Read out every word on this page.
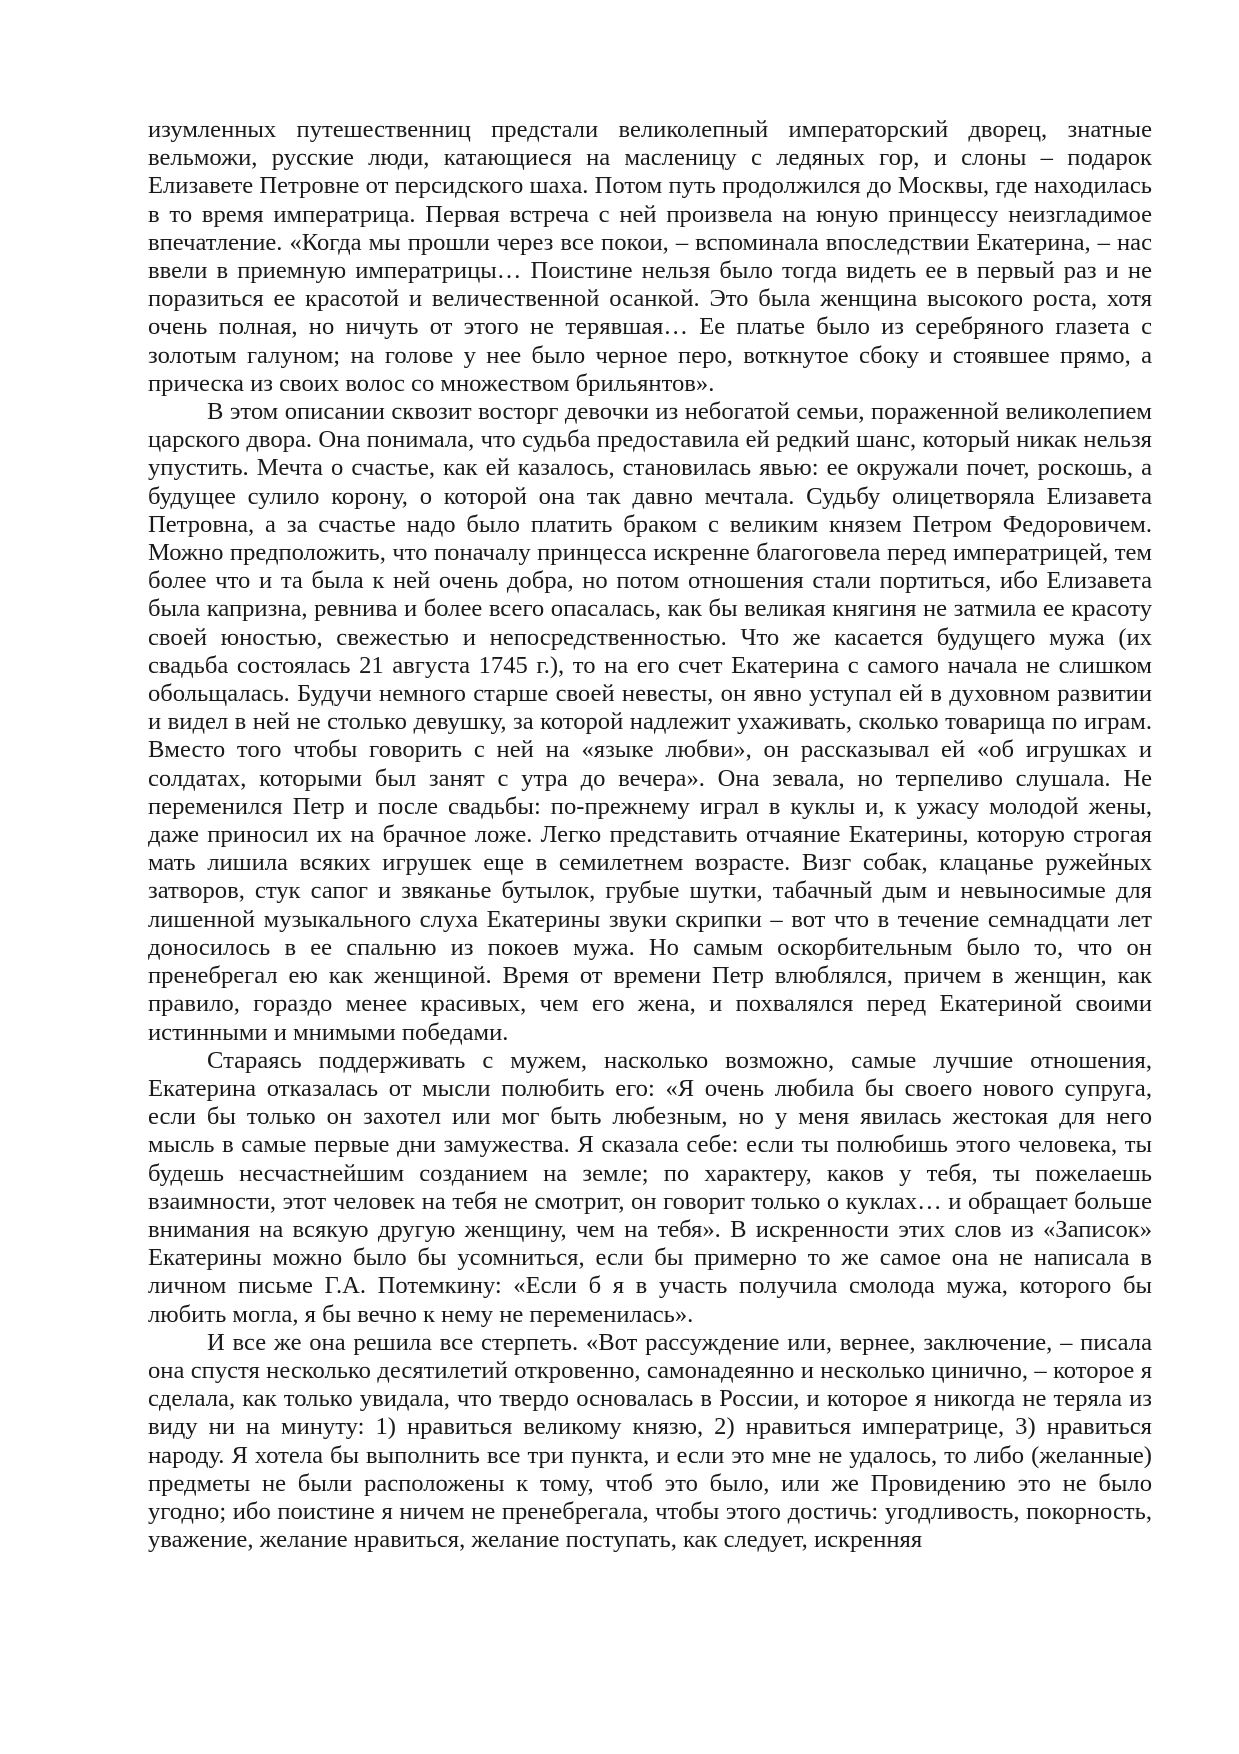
изумленных путешественниц предстали великолепный императорский дворец, знатные вельможи, русские люди, катающиеся на масленицу с ледяных гор, и слоны – подарок Елизавете Петровне от персидского шаха. Потом путь продолжился до Москвы, где находилась в то время императрица. Первая встреча с ней произвела на юную принцессу неизгладимое впечатление. «Когда мы прошли через все покои, – вспоминала впоследствии Екатерина, – нас ввели в приемную императрицы… Поистине нельзя было тогда видеть ее в первый раз и не поразиться ее красотой и величественной осанкой. Это была женщина высокого роста, хотя очень полная, но ничуть от этого не терявшая… Ее платье было из серебряного глазета с золотым галуном; на голове у нее было черное перо, воткнутое сбоку и стоявшее прямо, а прическа из своих волос со множеством брильянтов».

В этом описании сквозит восторг девочки из небогатой семьи, пораженной великолепием царского двора. Она понимала, что судьба предоставила ей редкий шанс, который никак нельзя упустить. Мечта о счастье, как ей казалось, становилась явью: ее окружали почет, роскошь, а будущее сулило корону, о которой она так давно мечтала. Судьбу олицетворяла Елизавета Петровна, а за счастье надо было платить браком с великим князем Петром Федоровичем. Можно предположить, что поначалу принцесса искренне благоговела перед императрицей, тем более что и та была к ней очень добра, но потом отношения стали портиться, ибо Елизавета была капризна, ревнива и более всего опасалась, как бы великая княгиня не затмила ее красоту своей юностью, свежестью и непосредственностью. Что же касается будущего мужа (их свадьба состоялась 21 августа 1745 г.), то на его счет Екатерина с самого начала не слишком обольщалась. Будучи немного старше своей невесты, он явно уступал ей в духовном развитии и видел в ней не столько девушку, за которой надлежит ухаживать, сколько товарища по играм. Вместо того чтобы говорить с ней на «языке любви», он рассказывал ей «об игрушках и солдатах, которыми был занят с утра до вечера». Она зевала, но терпеливо слушала. Не переменился Петр и после свадьбы: по-прежнему играл в куклы и, к ужасу молодой жены, даже приносил их на брачное ложе. Легко представить отчаяние Екатерины, которую строгая мать лишила всяких игрушек еще в семилетнем возрасте. Визг собак, клацанье ружейных затворов, стук сапог и звяканье бутылок, грубые шутки, табачный дым и невыносимые для лишенной музыкального слуха Екатерины звуки скрипки – вот что в течение семнадцати лет доносилось в ее спальню из покоев мужа. Но самым оскорбительным было то, что он пренебрегал ею как женщиной. Время от времени Петр влюблялся, причем в женщин, как правило, гораздо менее красивых, чем его жена, и похвалялся перед Екатериной своими истинными и мнимыми победами.

Стараясь поддерживать с мужем, насколько возможно, самые лучшие отношения, Екатерина отказалась от мысли полюбить его: «Я очень любила бы своего нового супруга, если бы только он захотел или мог быть любезным, но у меня явилась жестокая для него мысль в самые первые дни замужества. Я сказала себе: если ты полюбишь этого человека, ты будешь несчастнейшим созданием на земле; по характеру, каков у тебя, ты пожелаешь взаимности, этот человек на тебя не смотрит, он говорит только о куклах… и обращает больше внимания на всякую другую женщину, чем на тебя». В искренности этих слов из «Записок» Екатерины можно было бы усомниться, если бы примерно то же самое она не написала в личном письме Г.А. Потемкину: «Если б я в участь получила смолода мужа, которого бы любить могла, я бы вечно к нему не переменилась».

И все же она решила все стерпеть. «Вот рассуждение или, вернее, заключение, – писала она спустя несколько десятилетий откровенно, самонадеянно и несколько цинично, – которое я сделала, как только увидала, что твердо основалась в России, и которое я никогда не теряла из виду ни на минуту: 1) нравиться великому князю, 2) нравиться императрице, 3) нравиться народу. Я хотела бы выполнить все три пункта, и если это мне не удалось, то либо (желанные) предметы не были расположены к тому, чтоб это было, или же Провидению это не было угодно; ибо поистине я ничем не пренебрегала, чтобы этого достичь: угодливость, покорность, уважение, желание нравиться, желание поступать, как следует, искренняя
